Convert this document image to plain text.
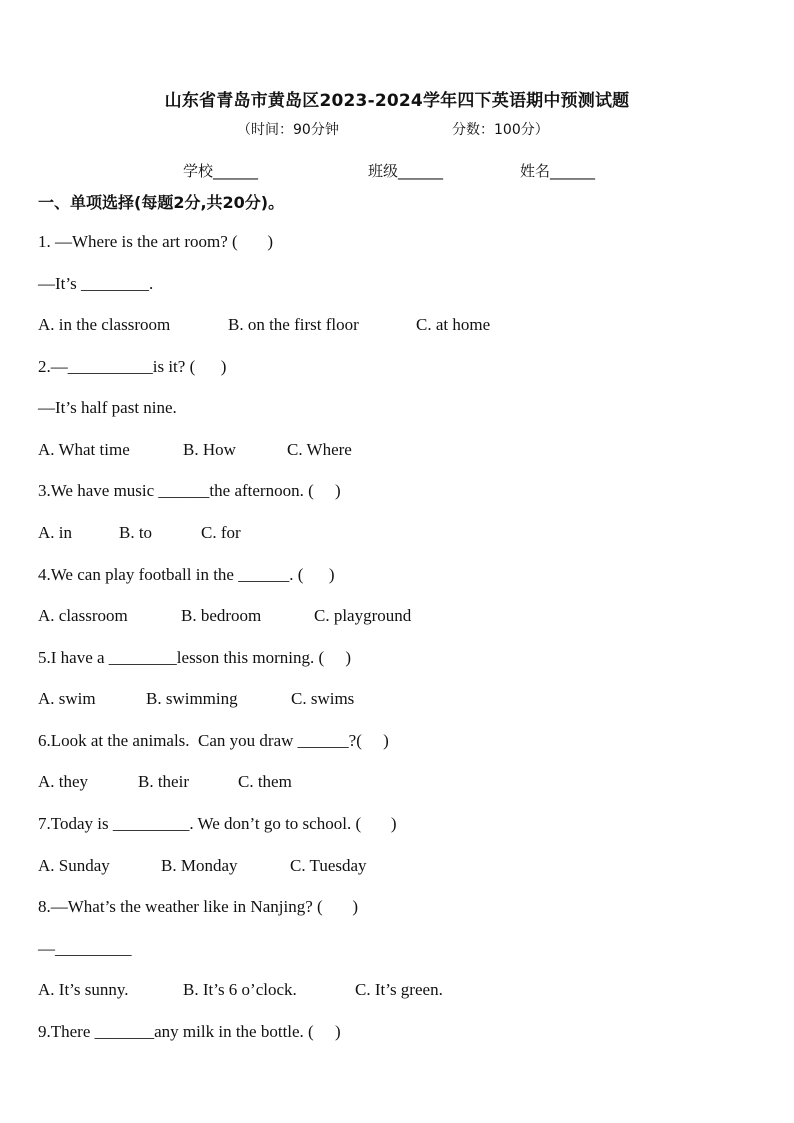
山东省青岛市黄岛区2023-2024学年四下英语期中预测试题
（时间：90分钟	分数：100分）
学校______	班级______	姓名______
一、单项选择(每题2分,共20分)。
1. —Where is the art room? (       )
—It’s ________.
A. in the classroom	B. on the first floor	C. at home
2.—__________is it? (      )
—It’s half past nine.
A. What time	B. How	C. Where
3.We have music ______the afternoon. (     )
A. in	B. to	C. for
4.We can play football in the ______. (      )
A. classroom	B. bedroom	C. playground
5.I have a ________lesson this morning. (     )
A. swim	B. swimming	C. swims
6.Look at the animals.  Can you draw ______?(     )
A. they	B. their	C. them
7.Today is _________. We don’t go to school. (       )
A. Sunday	B. Monday	C. Tuesday
8.—What’s the weather like in Nanjing? (       )
—_________
A. It’s sunny.	B. It’s 6 o’clock.	C. It’s green.
9.There _______any milk in the bottle. (     )
